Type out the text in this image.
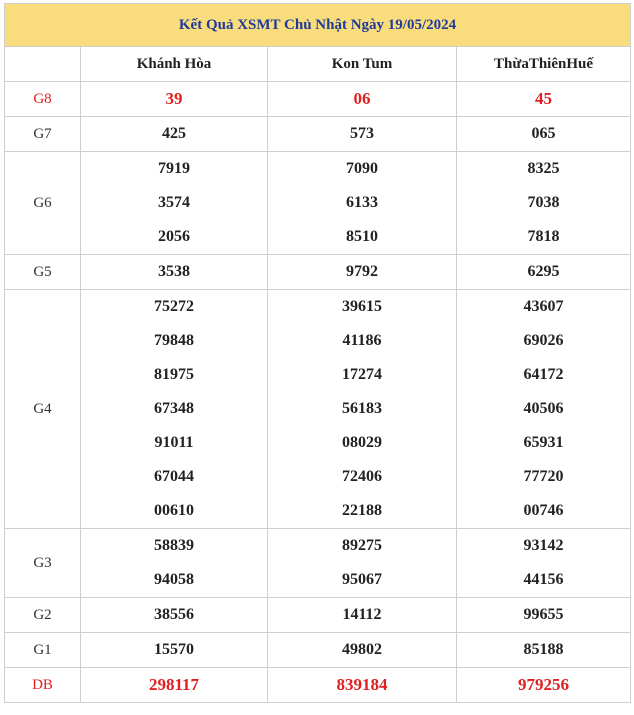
Kết Quả XSMT Chủ Nhật Ngày 19/05/2024			
	Khánh Hòa	Kon Tum	ThừaThiênHuế
G8	39	06	45
G7	425	573	065
G6	7919	7090	8325
	3574	6133	7038
	2056	8510	7818
G5	3538	9792	6295
G4	75272	39615	43607
	79848	41186	69026
	81975	17274	64172
	67348	56183	40506
	91011	08029	65931
	67044	72406	77720
	00610	22188	00746
G3	58839	89275	93142
	94058	95067	44156
G2	38556	14112	99655
G1	15570	49802	85188
DB	298117	839184	979256
